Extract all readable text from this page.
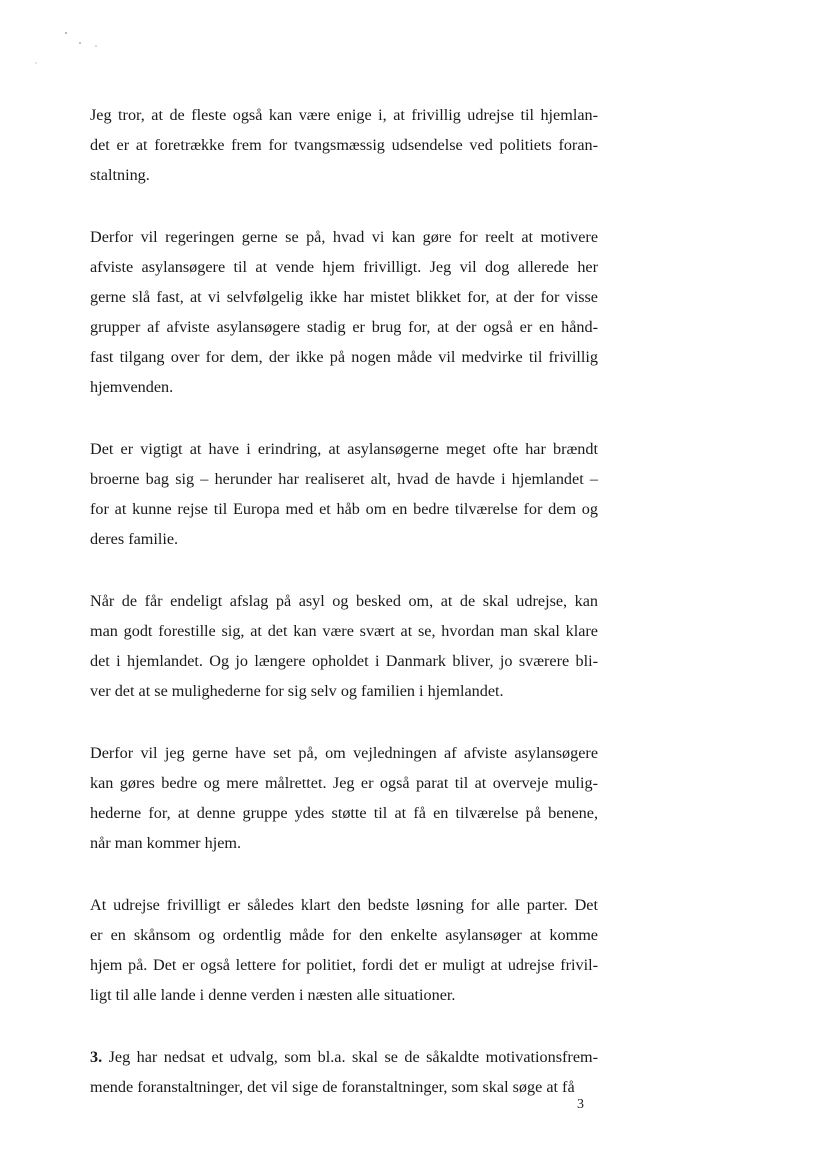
Jeg tror, at de fleste også kan være enige i, at frivillig udrejse til hjemlan-
det er at foretrække frem for tvangsmæssig udsendelse ved politiets foran-
staltning.

Derfor vil regeringen gerne se på, hvad vi kan gøre for reelt at motivere
afviste asylansøgere til at vende hjem frivilligt. Jeg vil dog allerede her
gerne slå fast, at vi selvfølgelig ikke har mistet blikket for, at der for visse
grupper af afviste asylansøgere stadig er brug for, at der også er en hånd-
fast tilgang over for dem, der ikke på nogen måde vil medvirke til frivillig
hjemvenden.

Det er vigtigt at have i erindring, at asylansøgerne meget ofte har brændt
broerne bag sig – herunder har realiseret alt, hvad de havde i hjemlandet –
for at kunne rejse til Europa med et håb om en bedre tilværelse for dem og
deres familie.

Når de får endeligt afslag på asyl og besked om, at de skal udrejse, kan
man godt forestille sig, at det kan være svært at se, hvordan man skal klare
det i hjemlandet. Og jo længere opholdet i Danmark bliver, jo sværere bli-
ver det at se mulighederne for sig selv og familien i hjemlandet.

Derfor vil jeg gerne have set på, om vejledningen af afviste asylansøgere
kan gøres bedre og mere målrettet. Jeg er også parat til at overveje mulig-
hederne for, at denne gruppe ydes støtte til at få en tilværelse på benene,
når man kommer hjem.

At udrejse frivilligt er således klart den bedste løsning for alle parter. Det
er en skånsom og ordentlig måde for den enkelte asylansøger at komme
hjem på. Det er også lettere for politiet, fordi det er muligt at udrejse frivil-
ligt til alle lande i denne verden i næsten alle situationer.

3. Jeg har nedsat et udvalg, som bl.a. skal se de såkaldte motivationsfrem-
mende foranstaltninger, det vil sige de foranstaltninger, som skal søge at få

3
